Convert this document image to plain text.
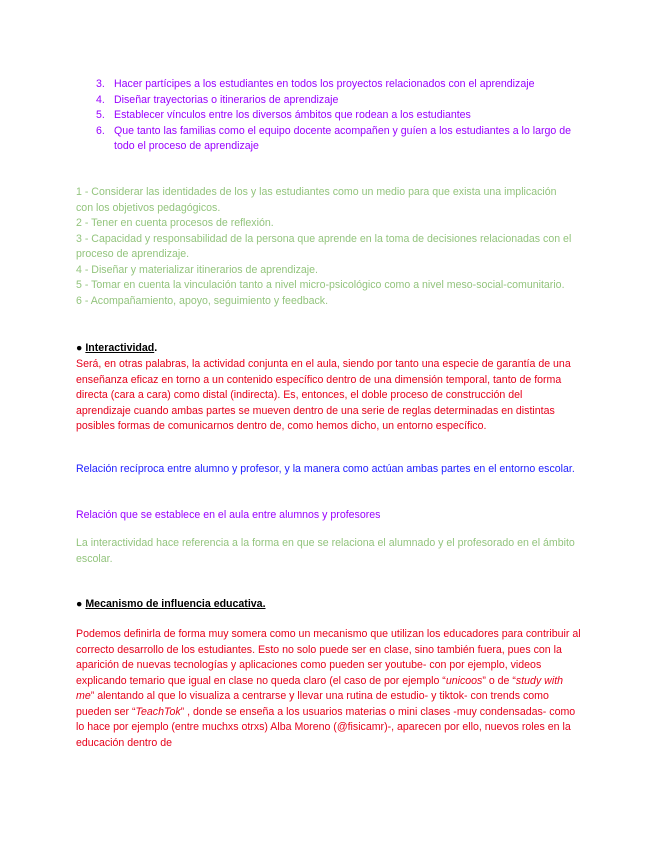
3. Hacer partícipes a los estudiantes en todos los proyectos relacionados con el aprendizaje
4. Diseñar trayectorias o itinerarios de aprendizaje
5. Establecer vínculos entre los diversos ámbitos que rodean a los estudiantes
6. Que tanto las familias como el equipo docente acompañen y guíen a los estudiantes a lo largo de todo el proceso de aprendizaje

1 - Considerar las identidades de los y las estudiantes como un medio para que exista una implicación con los objetivos pedagógicos.

2 - Tener en cuenta procesos de reflexión.

3 - Capacidad y responsabilidad de la persona que aprende en la toma de decisiones relacionadas con el proceso de aprendizaje.

4 - Diseñar y materializar itinerarios de aprendizaje.

5 - Tomar en cuenta la vinculación tanto a nivel micro-psicológico como a nivel meso-social-comunitario.

6 - Acompañamiento, apoyo, seguimiento y feedback.

● Interactividad.

Será, en otras palabras, la actividad conjunta en el aula, siendo por tanto una especie de garantía de una enseñanza eficaz en torno a un contenido específico dentro de una dimensión temporal, tanto de forma directa (cara a cara) como distal (indirecta). Es, entonces, el doble proceso de construcción del aprendizaje cuando ambas partes se mueven dentro de una serie de reglas determinadas en distintas posibles formas de comunicarnos dentro de, como hemos dicho, un entorno específico.

Relación recíproca entre alumno y profesor, y la manera como actúan ambas partes en el entorno escolar.

Relación que se establece en el aula entre alumnos y profesores

La interactividad hace referencia a la forma en que se relaciona el alumnado y el profesorado en el ámbito escolar.

● Mecanismo de influencia educativa.

Podemos definirla de forma muy somera como un mecanismo que utilizan los educadores para contribuir al correcto desarrollo de los estudiantes. Esto no solo puede ser en clase, sino también fuera, pues con la aparición de nuevas tecnologías y aplicaciones como pueden ser youtube- con por ejemplo, videos explicando temario que igual en clase no queda claro (el caso de por ejemplo “unicoos” o de “study with me” alentando al que lo visualiza a centrarse y llevar una rutina de estudio- y tiktok- con trends como pueden ser “TeachTok” , donde se enseña a los usuarios materias o mini clases -muy condensadas- como lo hace por ejemplo (entre muchxs otrxs) Alba Moreno (@fisicamr)-, aparecen por ello, nuevos roles en la educación dentro de
